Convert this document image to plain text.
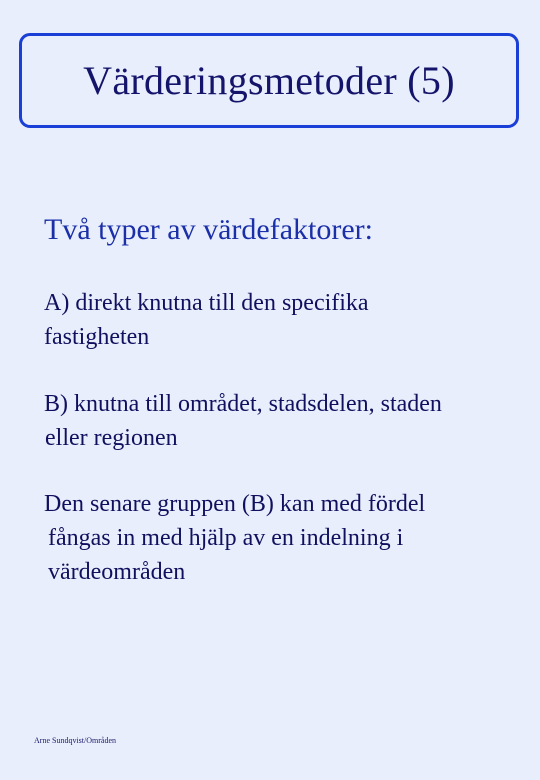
Värderingsmetoder (5)
Två typer av värdefaktorer:
A) direkt knutna till den specifika
fastigheten
B) knutna till området, stadsdelen, staden
eller regionen
Den senare gruppen (B) kan med fördel
fångas in med hjälp av en indelning i
värdeområden
Arne Sundqvist/Områden
